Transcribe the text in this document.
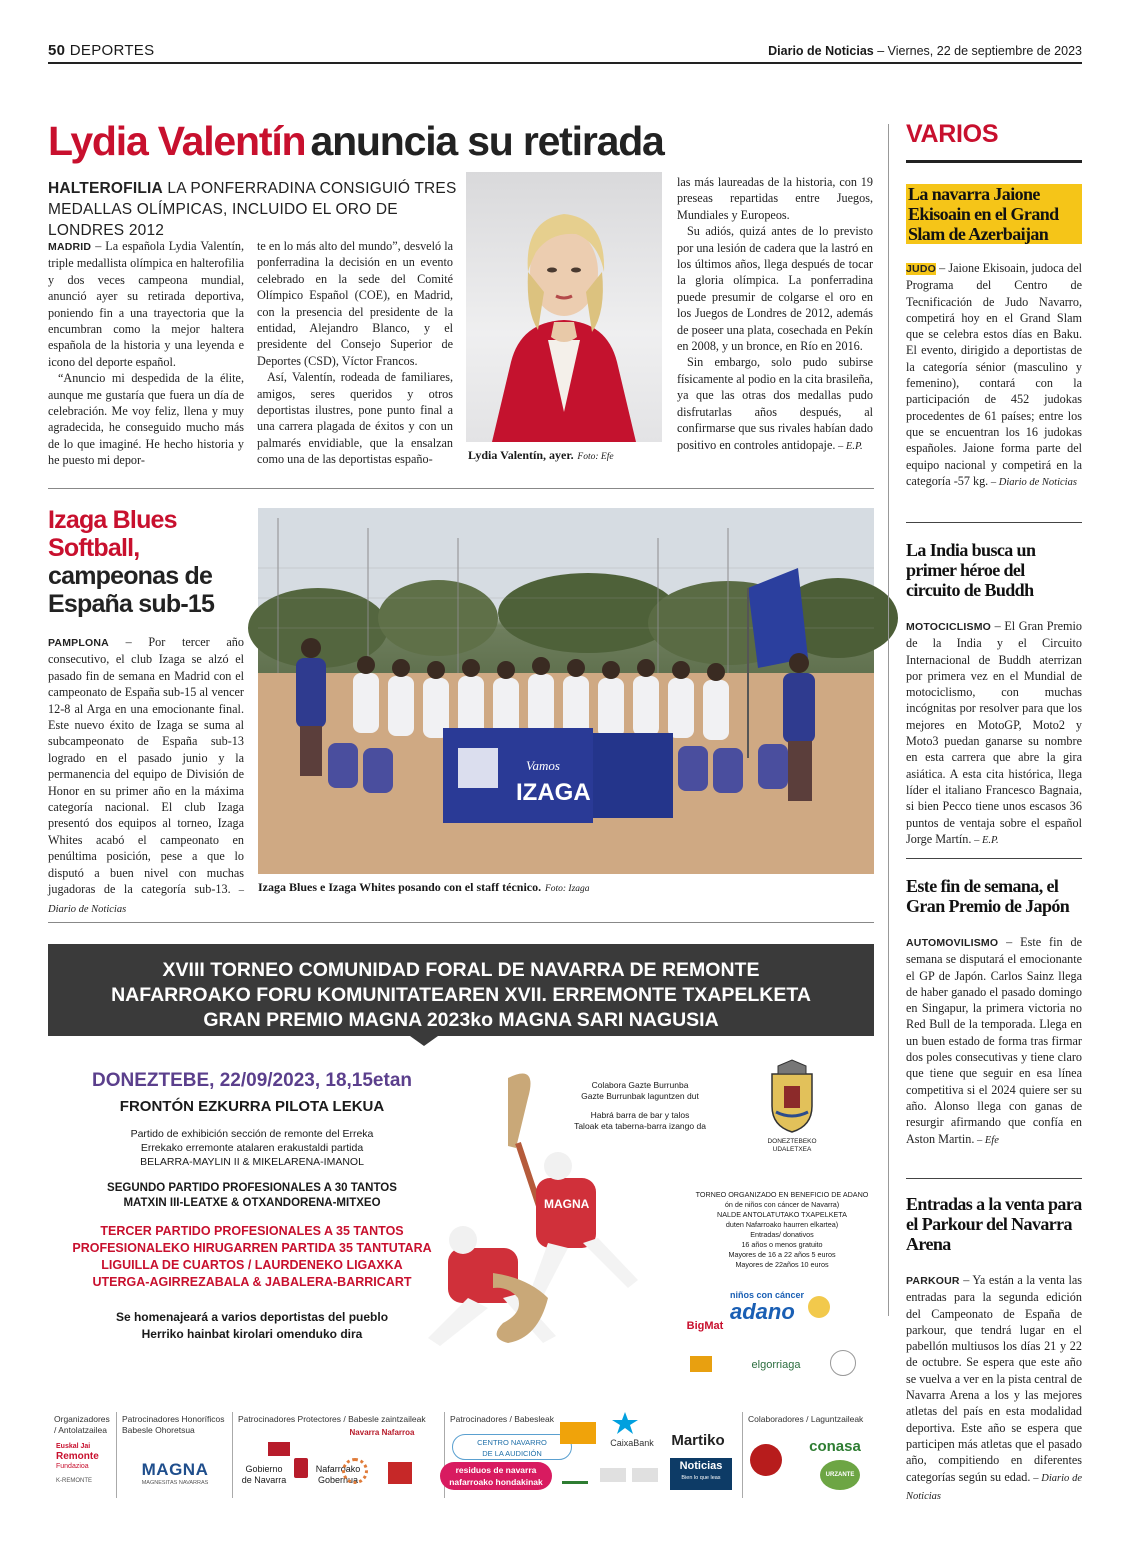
50 DEPORTES	Diario de Noticias – Viernes, 22 de septiembre de 2023
Lydia Valentín anuncia su retirada
HALTEROFILIA LA PONFERRADINA CONSIGUIÓ TRES MEDALLAS OLÍMPICAS, INCLUIDO EL ORO DE LONDRES 2012

MADRID – La española Lydia Valentín, triple medallista olímpica en halterofilia y dos veces campeona mundial, anunció ayer su retirada deportiva, poniendo fin a una trayectoria que la encumbran como la mejor haltera española de la historia y una leyenda e icono del deporte español.

“Anuncio mi despedida de la élite, aunque me gustaría que fuera un día de celebración. Me voy feliz, llena y muy agradecida, he conseguido mucho más de lo que imaginé. He hecho historia y he puesto mi depor-

te en lo más alto del mundo”, desveló la ponferradina la decisión en un evento celebrado en la sede del Comité Olímpico Español (COE), en Madrid, con la presencia del presidente de la entidad, Alejandro Blanco, y el presidente del Consejo Superior de Deportes (CSD), Víctor Francos.

Así, Valentín, rodeada de familiares, amigos, seres queridos y otros deportistas ilustres, pone punto final a una carrera plagada de éxitos y con un palmarés envidiable, que la ensalzan como una de las deportistas españo-	Lydia Valentín, ayer. Foto: Efe

las más laureadas de la historia, con 19 preseas repartidas entre Juegos, Mundiales y Europeos.

Su adiós, quizá antes de lo previsto por una lesión de cadera que la lastró en los últimos años, llega después de tocar la gloria olímpica. La ponferradina puede presumir de colgarse el oro en los Juegos de Londres de 2012, además de poseer una plata, cosechada en Pekín en 2008, y un bronce, en Río en 2016.

Sin embargo, solo pudo subirse físicamente al podio en la cita brasileña, ya que las otras dos medallas pudo disfrutarlas años después, al confirmarse que sus rivales habían dado positivo en controles antidopaje. – E.P.

Izaga Blues Softball,
campeonas de España sub-15

PAMPLONA – Por tercer año consecutivo, el club Izaga se alzó el pasado fin de semana en Madrid con el campeonato de España sub-15 al vencer 12-8 al Arga en una emocionante final. Este nuevo éxito de Izaga se suma al subcampeonato de España sub-13 logrado en el pasado junio y la permanencia del equipo de División de Honor en su primer año en la máxima categoría nacional. El club Izaga presentó dos equipos al torneo, Izaga Whites acabó el campeonato en penúltima posición, pese a que lo disputó a buen nivel con muchas jugadoras de la categoría sub-13. – Diario de Noticias

Vamos
IZAGA
Izaga Blues e Izaga Whites posando con el staff técnico. Foto: Izaga
VARIOS
La navarra Jaione Ekisoain en el Grand Slam de Azerbaijan
JUDO – Jaione Ekisoain, judoca del Programa del Centro de Tecnificación de Judo Navarro, competirá hoy en el Grand Slam que se celebra estos días en Baku. El evento, dirigido a deportistas de la categoría sénior (masculino y femenino), contará con la participación de 452 judokas procedentes de 61 países; entre los que se encuentran los 16 judokas españoles. Jaione forma parte del equipo nacional y competirá en la categoría -57 kg. – Diario de Noticias
La India busca un primer héroe del circuito de Buddh
MOTOCICLISMO – El Gran Premio de la India y el Circuito Internacional de Buddh aterrizan por primera vez en el Mundial de motociclismo, con muchas incógnitas por resolver para que los mejores en MotoGP, Moto2 y Moto3 puedan ganarse su nombre en esta carrera que abre la gira asiática. A esta cita histórica, llega líder el italiano Francesco Bagnaia, si bien Pecco tiene unos escasos 36 puntos de ventaja sobre el español Jorge Martín. – E.P.
Este fin de semana, el Gran Premio de Japón
AUTOMOVILISMO – Este fin de semana se disputará el emocionante el GP de Japón. Carlos Sainz llega de haber ganado el pasado domingo en Singapur, la primera victoria no Red Bull de la temporada. Llega en un buen estado de forma tras firmar dos poles consecutivas y tiene claro que tiene que seguir en esa línea competitiva si el 2024 quiere ser su año. Alonso llega con ganas de resurgir afirmando que confía en Aston Martin. – Efe
Entradas a la venta para el Parkour del Navarra Arena
PARKOUR – Ya están a la venta las entradas para la segunda edición del Campeonato de España de parkour, que tendrá lugar en el pabellón multiusos los días 21 y 22 de octubre. Se espera que este año se vuelva a ver en la pista central de Navarra Arena a los y las mejores atletas del país en esta modalidad deportiva. Este año se espera que participen más atletas que el pasado año, compitiendo en diferentes categorías según su edad. – Diario de Noticias
XVIII TORNEO COMUNIDAD FORAL DE NAVARRA DE REMONTE
NAFARROAKO FORU KOMUNITATEAREN XVII. ERREMONTE TXAPELKETA
GRAN PREMIO MAGNA 2023ko MAGNA SARI NAGUSIA
DONEZTEBE, 22/09/2023, 18,15etan
FRONTÓN EZKURRA PILOTA LEKUA
Partido de exhibición sección de remonte del Erreka
Errekako erremonte atalaren erakustaldi partida
BELARRA-MAYLIN II & MIKELARENA-IMANOL
SEGUNDO PARTIDO PROFESIONALES A 30 TANTOS
MATXIN III-LEATXE & OTXANDORENA-MITXEO
TERCER PARTIDO PROFESIONALES A 35 TANTOS
PROFESIONALEKO HIRUGARREN PARTIDA 35 TANTUTARA
LIGUILLA DE CUARTOS / LAURDENEKO LIGAXKA
UTERGA-AGIRREZABALA & JABALERA-BARRICART
Se homenajeará a varios deportistas del pueblo
Herriko hainbat kirolari omenduko dira
MAGNA
Colabora Gazte Burrunba
Gazte Burrunbak laguntzen dut
Habrá barra de bar y talos
Taloak eta taberna-barra izango da
DONEZTEBEKO
UDALETXEA
TORNEO ORGANIZADO EN BENEFICIO DE ADANO
ón de niños con cáncer de Navarra)
NALDE ANTOLATUTAKO TXAPELKETA
duten Nafarroako haurren elkartea)
Entradas/ donativos
16 años o menos gratuito
Mayores de 16 a 22 años 5 euros
Mayores de 22años 10 euros
niños con cáncer
adano
BigMat
elgorriaga
Organizadores / Antolatzailea
Patrocinadores Honoríficos Babesle Ohoretsua
Patrocinadores Protectores / Babesle zaintzaileak	Patrocinadores / Babesleak	Colaboradores / Laguntzaileak
Euskal Jai
Remonte
Fundazioa
K-REMONTE
MAGNA
MAGNESITAS NAVARRAS
Gobierno
de Navarra
Nafarroako
Gobernua
Navarra Nafarroa
CENTRO NAVARRO
DE LA AUDICIÓN
CaixaBank	Martiko
residuos de navarra
nafarroako hondakinak
Noticias
Bien lo que leas
conasa
URZANTE
